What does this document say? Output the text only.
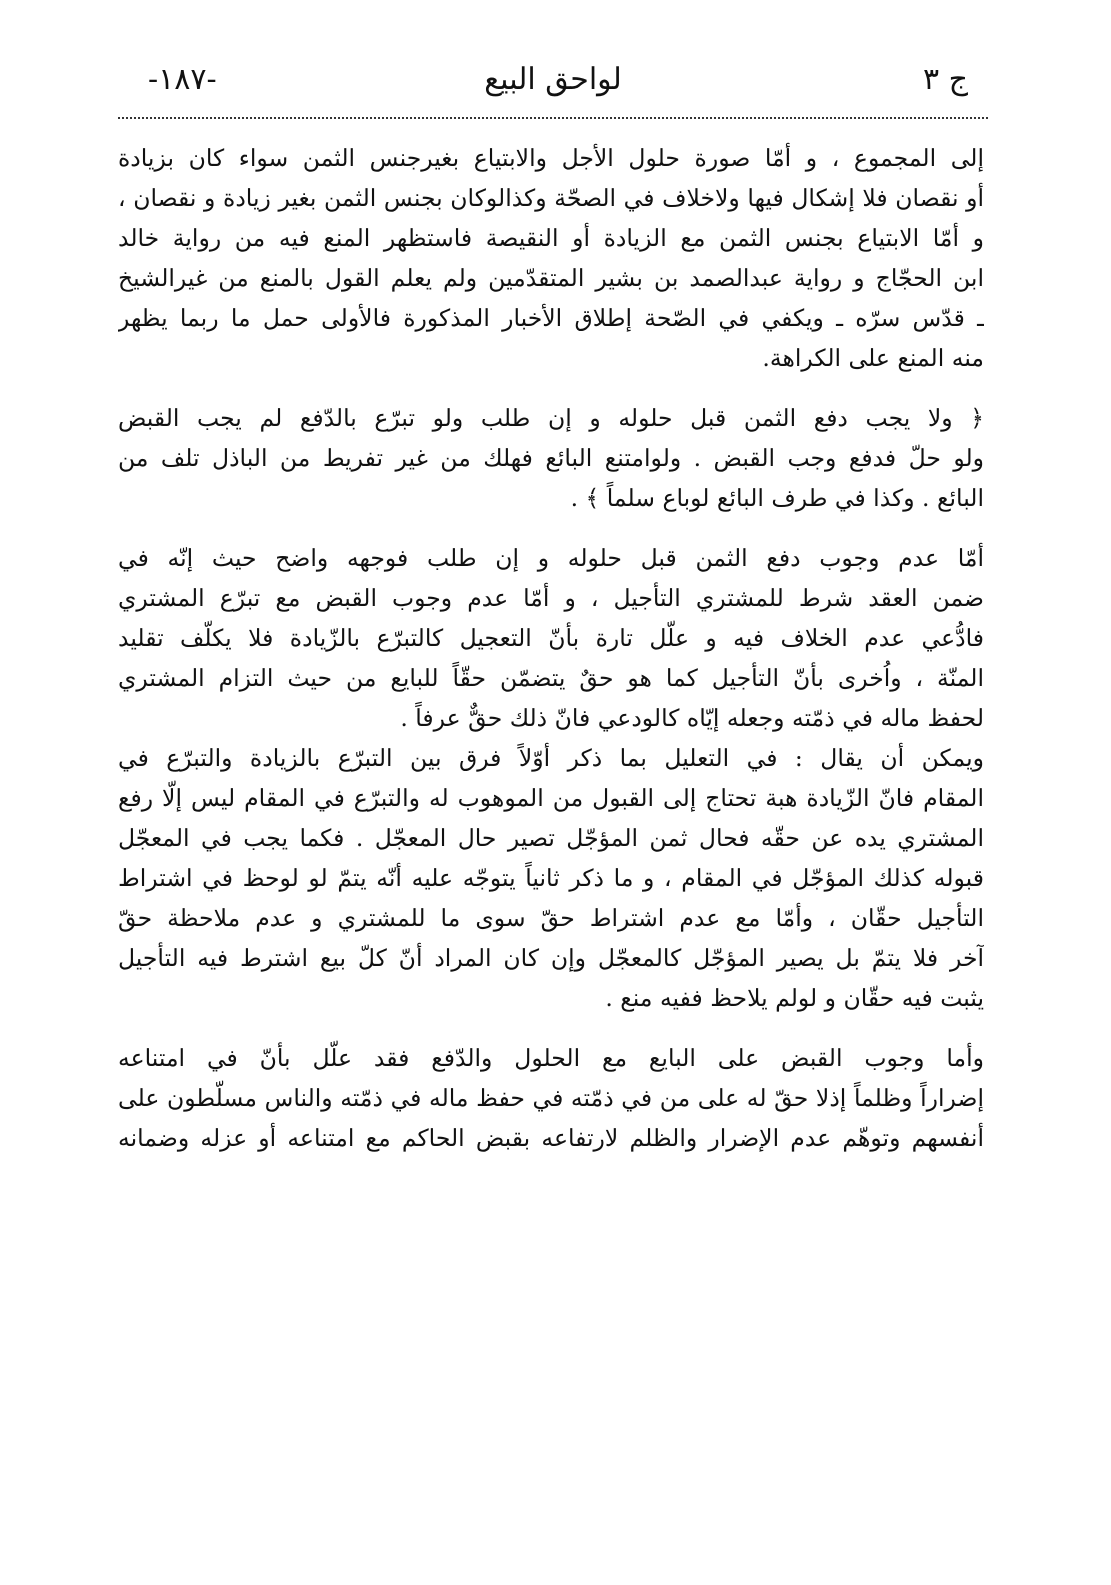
ج ٣
لواحق البيع
-١٨٧-
إلى المجموع ، و أمّا صورة حلول الأجل والابتياع بغيرجنس الثمن سواء كان بزيادة
أو نقصان فلا إشكال فيها ولاخلاف في الصحّة وكذالوكان بجنس الثمن بغير زيادة و نقصان ،
و أمّا الابتياع بجنس الثمن مع الزيادة أو النقيصة فاستظهر المنع فيه من رواية خالد
ابن الحجّاج و رواية عبدالصمد بن بشير المتقدّمين ولم يعلم القول بالمنع من غيرالشيخ
ـ قدّس سرّه ـ ويكفي في الصّحة إطلاق الأخبار المذكورة فالأولى حمل ما ربما يظهر
منه المنع على الكراهة.
﴿ ولا يجب دفع الثمن قبل حلوله و إن طلب ولو تبرّع بالدّفع لم يجب القبض
ولو حلّ فدفع وجب القبض . ولوامتنع البائع فهلك من غير تفريط من الباذل تلف من
البائع . وكذا في طرف البائع لوباع سلماً ﴾ .
أمّا عدم وجوب دفع الثمن قبل حلوله و إن طلب فوجهه واضح حيث إنّه في
ضمن العقد شرط للمشتري التأجيل ، و أمّا عدم وجوب القبض مع تبرّع المشتري
فادُّعي عدم الخلاف فيه و علّل تارة بأنّ التعجيل كالتبرّع بالزّيادة فلا يكلّف تقليد
المنّة ، واُخرى بأنّ التأجيل كما هو حقٌ يتضمّن حقّاً للبايع من حيث التزام المشتري
لحفظ ماله في ذمّته وجعله إيّاه كالودعي فانّ ذلك حقٌّ عرفاً .
ويمكن أن يقال : في التعليل بما ذكر أوّلاً فرق بين التبرّع بالزيادة والتبرّع في
المقام فانّ الزّيادة هبة تحتاج إلى القبول من الموهوب له والتبرّع في المقام ليس إلّا رفع
المشتري يده عن حقّه فحال ثمن المؤجّل تصير حال المعجّل . فكما يجب في المعجّل
قبوله كذلك المؤجّل في المقام ، و ما ذكر ثانياً يتوجّه عليه أنّه يتمّ لو لوحظ في اشتراط
التأجيل حقّان ، وأمّا مع عدم اشتراط حقّ سوى ما للمشتري و عدم ملاحظة حقّ
آخر فلا يتمّ بل يصير المؤجّل كالمعجّل وإن كان المراد أنّ كلّ بيع اشترط فيه التأجيل
يثبت فيه حقّان و لولم يلاحظ ففيه منع .
وأما وجوب القبض على البايع مع الحلول والدّفع فقد علّل بأنّ في امتناعه
إضراراً وظلماً إذلا حقّ له على من في ذمّته في حفظ ماله في ذمّته والناس مسلّطون على
أنفسهم وتوهّم عدم الإضرار والظلم لارتفاعه بقبض الحاكم مع امتناعه أو عزله وضمانه
